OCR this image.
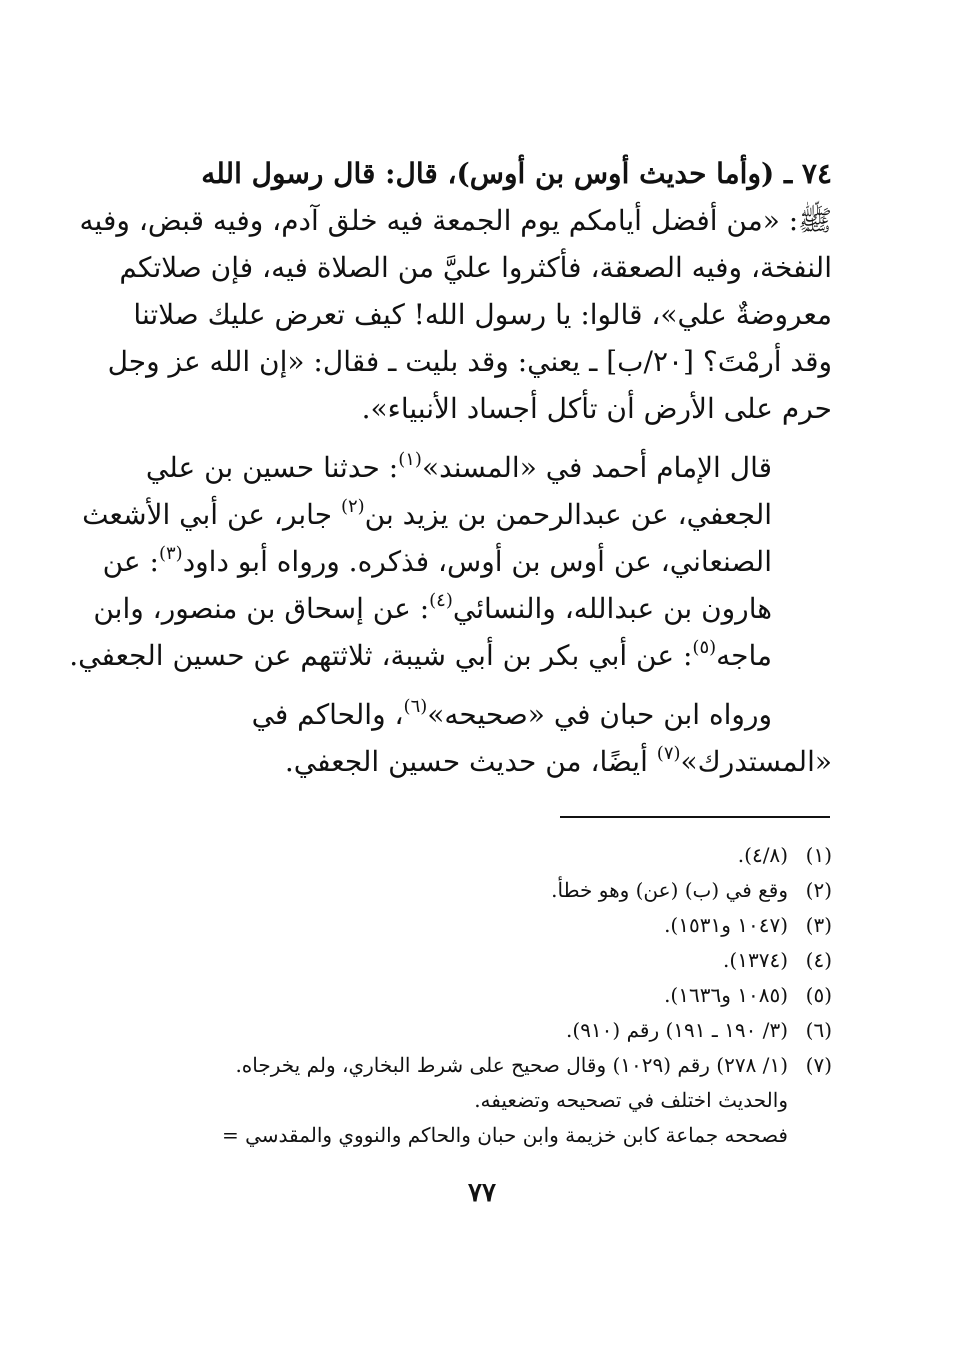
٧٤ ـ (وأما حديث أوس بن أوس)، قال: قال رسول الله
ﷺ: «من أفضل أيامكم يوم الجمعة فيه خلق آدم، وفيه قبض، وفيه
النفخة، وفيه الصعقة، فأكثروا عليَّ من الصلاة فيه، فإن صلاتكم
معروضةٌ علي»، قالوا: يا رسول الله! كيف تعرض عليك صلاتنا
وقد أرمْتَ؟ [٢٠/ب] ـ يعني: وقد بليت ـ فقال: «إن الله عز وجل
حرم على الأرض أن تأكل أجساد الأنبياء».

قال الإمام أحمد في «المسند»$^{(١)}$: حدثنا حسين بن علي
الجعفي، عن عبدالرحمن بن يزيد بن$^{(٢)}$ جابر، عن أبي الأشعث
الصنعاني، عن أوس بن أوس، فذكره. ورواه أبو داود$^{(٣)}$: عن
هارون بن عبدالله، والنسائي$^{(٤)}$: عن إسحاق بن منصور، وابن
ماجه$^{(٥)}$: عن أبي بكر بن أبي شيبة، ثلاثتهم عن حسين الجعفي.

ورواه ابن حبان في «صحيحه»$^{(٦)}$، والحاكم في
«المستدرك»$^{(٧)}$ أيضًا، من حديث حسين الجعفي.

(١)
(٤/٨).
(٢)
وقع في (ب) (عن) وهو خطأ.
(٣)
(١٠٤٧ و١٥٣١).
(٤)
(١٣٧٤).
(٥)
(١٠٨٥ و١٦٣٦).
(٦)
(٣/ ١٩٠ ـ ١٩١) رقم (٩١٠).
(٧)
(١/ ٢٧٨) رقم (١٠٢٩) وقال صحيح على شرط البخاري، ولم يخرجاه.
والحديث اختلف في تصحيحه وتضعيفه.
فصححه جماعة كابن خزيمة وابن حبان والحاكم والنووي والمقدسي =
٧٧
